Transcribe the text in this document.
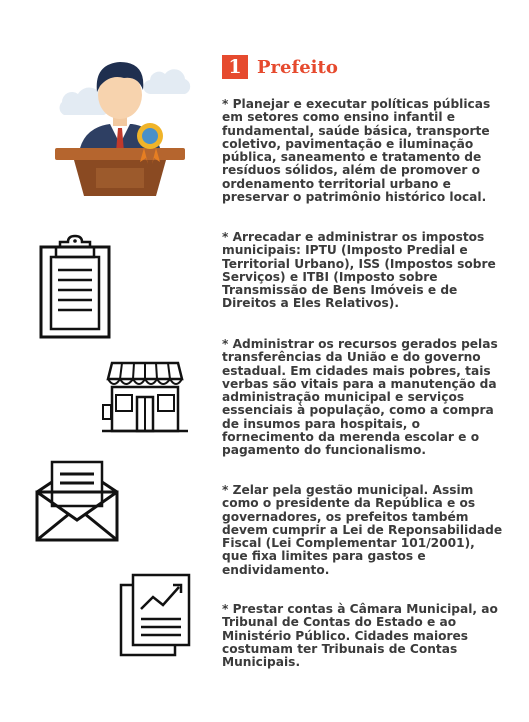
1 Prefeito
* Planejar e executar políticas públicas em setores como ensino infantil e fundamental, saúde básica, transporte coletivo, pavimentação e iluminação pública, saneamento e tratamento de resíduos sólidos, além de promover o ordenamento territorial urbano e preservar o patrimônio histórico local.
* Arrecadar e administrar os impostos municipais: IPTU (Imposto Predial e Territorial Urbano), ISS (Impostos sobre Serviços) e ITBI (Imposto sobre Transmissão de Bens Imóveis e de Direitos a Eles Relativos).
* Administrar os recursos gerados pelas transferências da União e do governo estadual. Em cidades mais pobres, tais verbas são vitais para a manutenção da administração municipal e serviços essenciais à população, como a compra de insumos para hospitais, o fornecimento da merenda escolar e o pagamento do funcionalismo.
* Zelar pela gestão municipal. Assim como o presidente da República e os governadores, os prefeitos também devem cumprir a Lei de Reponsabilidade Fiscal (Lei Complementar 101/2001), que fixa limites para gastos e endividamento.
* Prestar contas à Câmara Municipal, ao Tribunal de Contas do Estado e ao Ministério Público. Cidades maiores costumam ter Tribunais de Contas Municipais.
